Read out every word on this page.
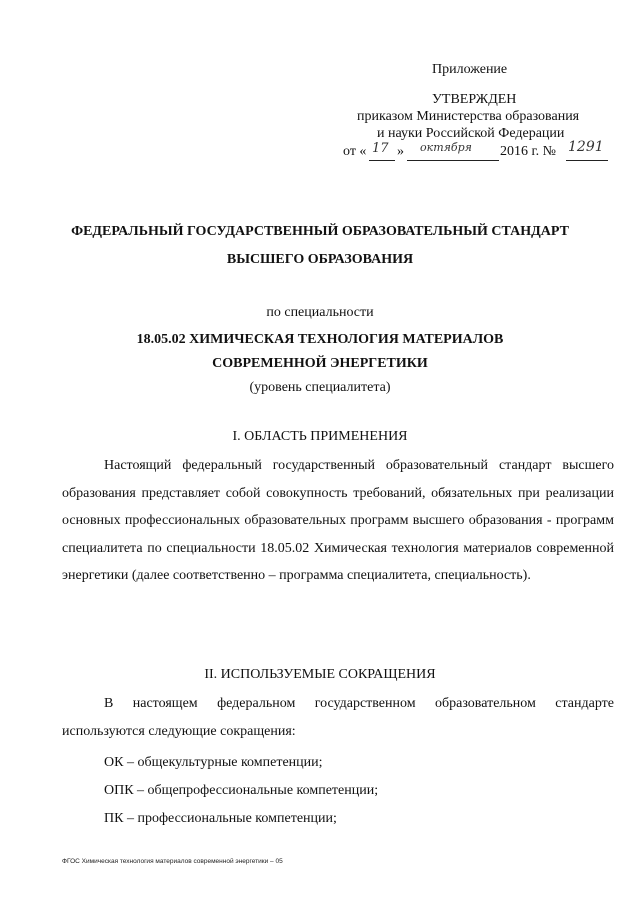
Приложение
УТВЕРЖДЕН
приказом Министерства образования
и науки Российской Федерации
от « 17 » октября 2016 г. № 1291
ФЕДЕРАЛЬНЫЙ ГОСУДАРСТВЕННЫЙ ОБРАЗОВАТЕЛЬНЫЙ СТАНДАРТ
ВЫСШЕГО ОБРАЗОВАНИЯ
по специальности
18.05.02 ХИМИЧЕСКАЯ ТЕХНОЛОГИЯ МАТЕРИАЛОВ
СОВРЕМЕННОЙ ЭНЕРГЕТИКИ
(уровень специалитета)
I. ОБЛАСТЬ ПРИМЕНЕНИЯ
Настоящий федеральный государственный образовательный стандарт высшего образования представляет собой совокупность требований, обязательных при реализации основных профессиональных образовательных программ высшего образования - программ специалитета по специальности 18.05.02 Химическая технология материалов современной энергетики (далее соответственно – программа специалитета, специальность).
II. ИСПОЛЬЗУЕМЫЕ СОКРАЩЕНИЯ
В настоящем федеральном государственном образовательном стандарте используются следующие сокращения:
ОК – общекультурные компетенции;
ОПК – общепрофессиональные компетенции;
ПК – профессиональные компетенции;
ФГОС Химическая технология материалов современной энергетики – 05
